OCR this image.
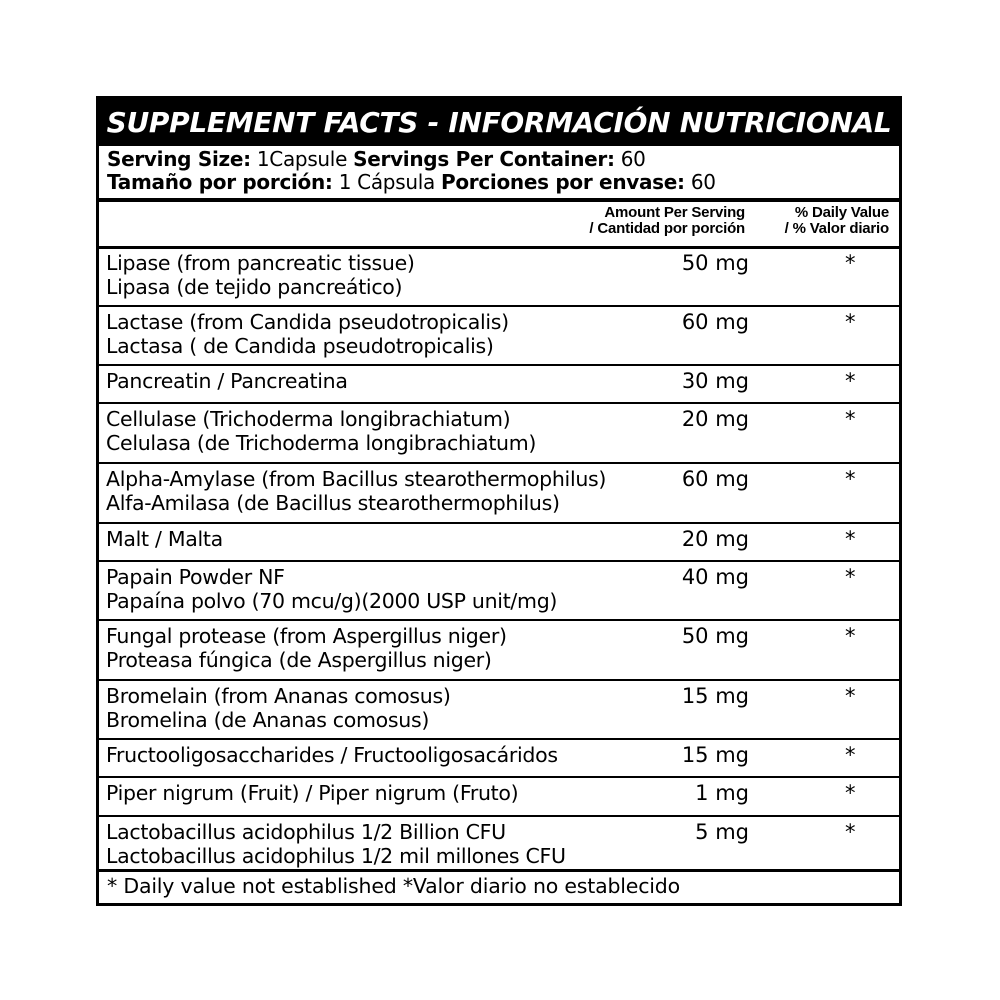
SUPPLEMENT FACTS - INFORMACIÓN NUTRICIONAL
Serving Size: 1Capsule Servings Per Container: 60
Tamaño por porción: 1 Cápsula Porciones por envase: 60
Amount Per Serving
/ Cantidad por porción
% Daily Value
/ % Valor diario
Lipase (from pancreatic tissue)
Lipasa (de tejido pancreático)
50 mg	*
Lactase (from Candida pseudotropicalis)
Lactasa ( de Candida pseudotropicalis)
60 mg	*
Pancreatin / Pancreatina	30 mg	*
Cellulase (Trichoderma longibrachiatum)
Celulasa (de Trichoderma longibrachiatum)
20 mg	*
Alpha-Amylase (from Bacillus stearothermophilus)
Alfa-Amilasa (de Bacillus stearothermophilus)
60 mg	*
Malt / Malta	20 mg	*
Papain Powder NF
Papaína polvo (70 mcu/g)(2000 USP unit/mg)
40 mg	*
Fungal protease (from Aspergillus niger)
Proteasa fúngica (de Aspergillus niger)
50 mg	*
Bromelain (from Ananas comosus)
Bromelina (de Ananas comosus)
15 mg	*
Fructooligosaccharides / Fructooligosacáridos	15 mg	*
Piper nigrum (Fruit) / Piper nigrum (Fruto)	1 mg	*
Lactobacillus acidophilus 1/2 Billion CFU
Lactobacillus acidophilus 1/2 mil millones CFU
5 mg	*
* Daily value not established *Valor diario no establecido
